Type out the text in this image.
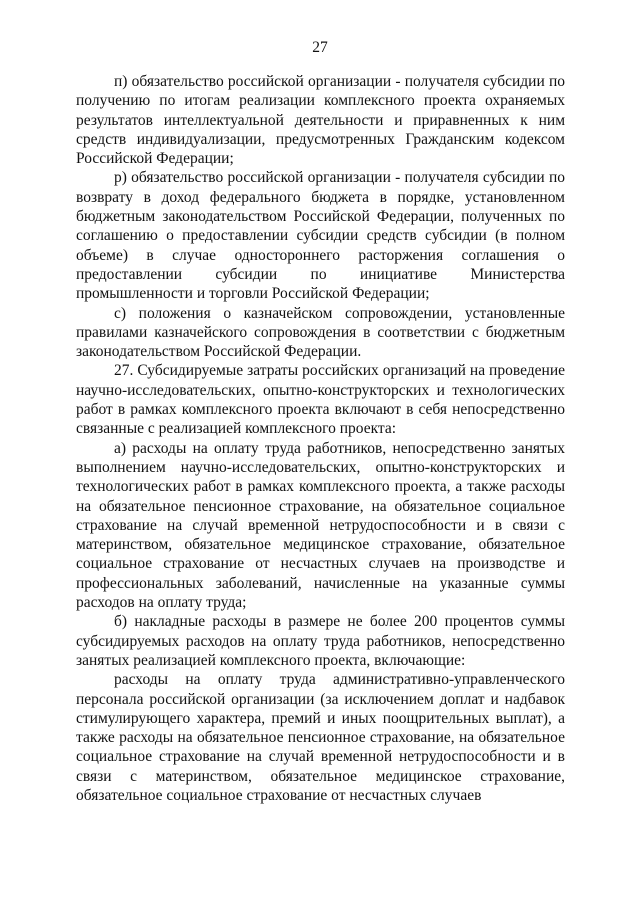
27

п) обязательство российской организации - получателя субсидии по получению по итогам реализации комплексного проекта охраняемых результатов интеллектуальной деятельности и приравненных к ним средств индивидуализации, предусмотренных Гражданским кодексом Российской Федерации;

р) обязательство российской организации - получателя субсидии по возврату в доход федерального бюджета в порядке, установленном бюджетным законодательством Российской Федерации, полученных по соглашению о предоставлении субсидии средств субсидии (в полном объеме) в случае одностороннего расторжения соглашения о предоставлении субсидии по инициативе Министерства промышленности и торговли Российской Федерации;

с) положения о казначейском сопровождении, установленные правилами казначейского сопровождения в соответствии с бюджетным законодательством Российской Федерации.

27. Субсидируемые затраты российских организаций на проведение научно-исследовательских, опытно-конструкторских и технологических работ в рамках комплексного проекта включают в себя непосредственно связанные с реализацией комплексного проекта:

а) расходы на оплату труда работников, непосредственно занятых выполнением научно-исследовательских, опытно-конструкторских и технологических работ в рамках комплексного проекта, а также расходы на обязательное пенсионное страхование, на обязательное социальное страхование на случай временной нетрудоспособности и в связи с материнством, обязательное медицинское страхование, обязательное социальное страхование от несчастных случаев на производстве и профессиональных заболеваний, начисленные на указанные суммы расходов на оплату труда;

б) накладные расходы в размере не более 200 процентов суммы субсидируемых расходов на оплату труда работников, непосредственно занятых реализацией комплексного проекта, включающие:

расходы на оплату труда административно-управленческого персонала российской организации (за исключением доплат и надбавок стимулирующего характера, премий и иных поощрительных выплат), а также расходы на обязательное пенсионное страхование, на обязательное социальное страхование на случай временной нетрудоспособности и в связи с материнством, обязательное медицинское страхование, обязательное социальное страхование от несчастных случаев
